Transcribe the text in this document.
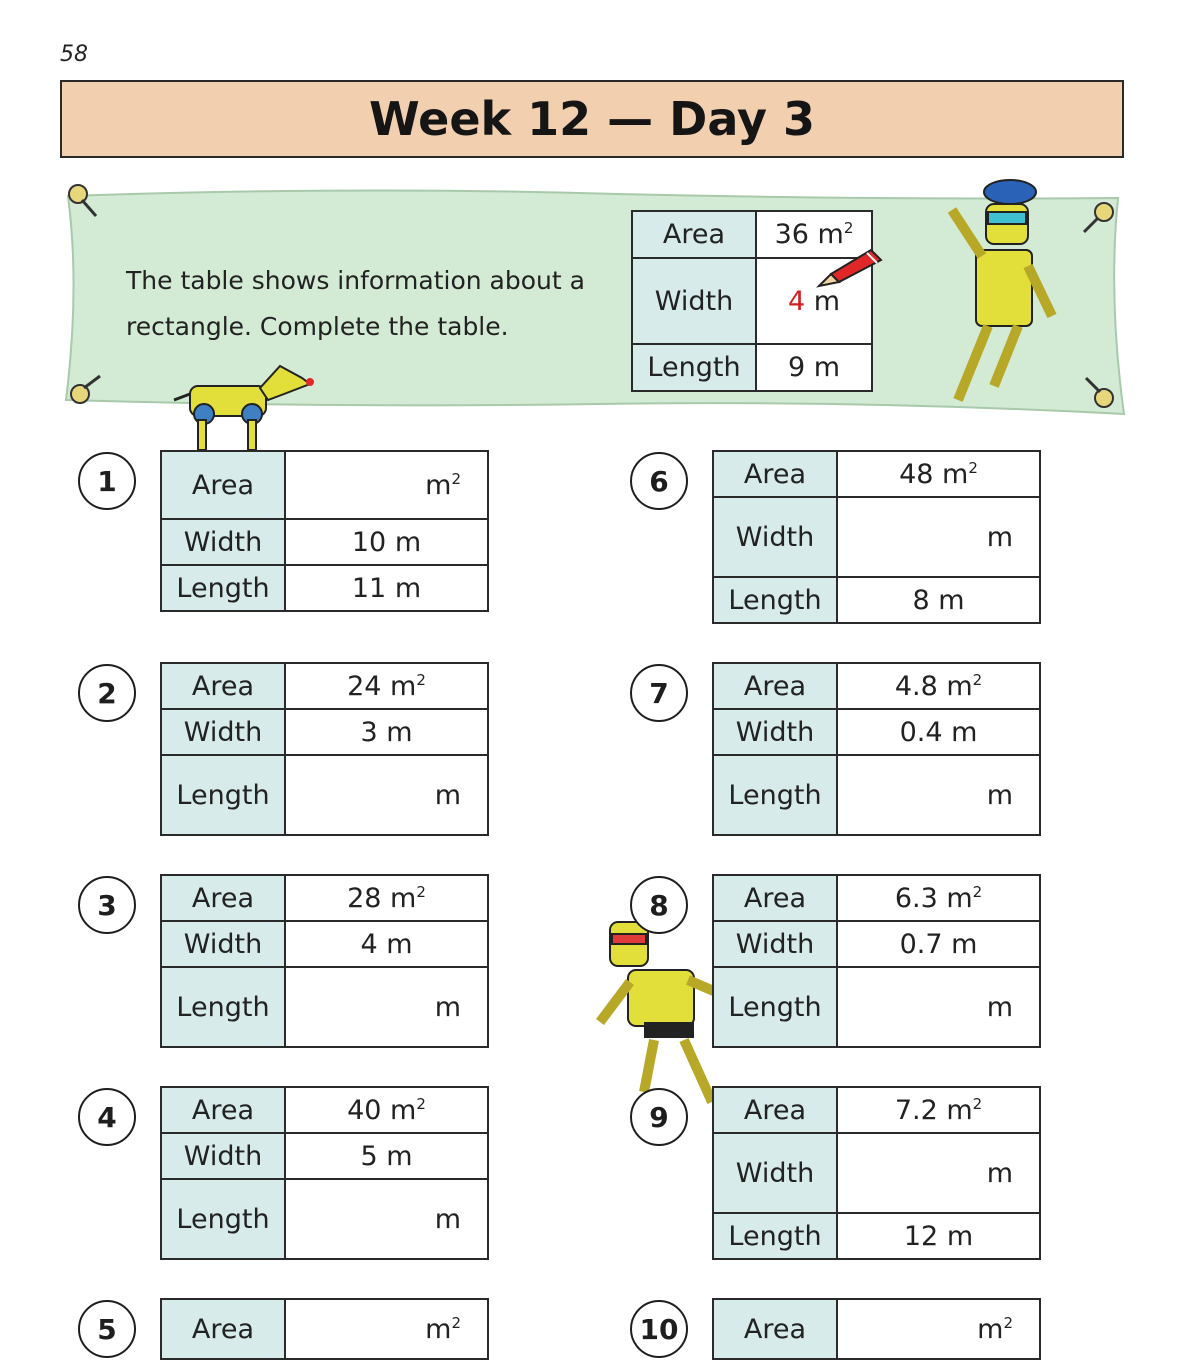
58
Week 12 — Day 3
The table shows information about a rectangle. Complete the table.
Area	36 $m^2$
Width	4 m
Length	9 m
1	Area	$m^2$
Width	10 m
Length	11 m
2	Area	24 $m^2$
Width	3 m
Length	m
3	Area	28 $m^2$
Width	4 m
Length	m
4	Area	40 $m^2$
Width	5 m
Length	m
5	Area	$m^2$
6	Area	48 $m^2$
Width	m
Length	8 m
7	Area	4.8 $m^2$
Width	0.4 m
Length	m
8	Area	6.3 $m^2$
Width	0.7 m
Length	m
9	Area	7.2 $m^2$
Width	m
Length	12 m
10	Area	$m^2$
